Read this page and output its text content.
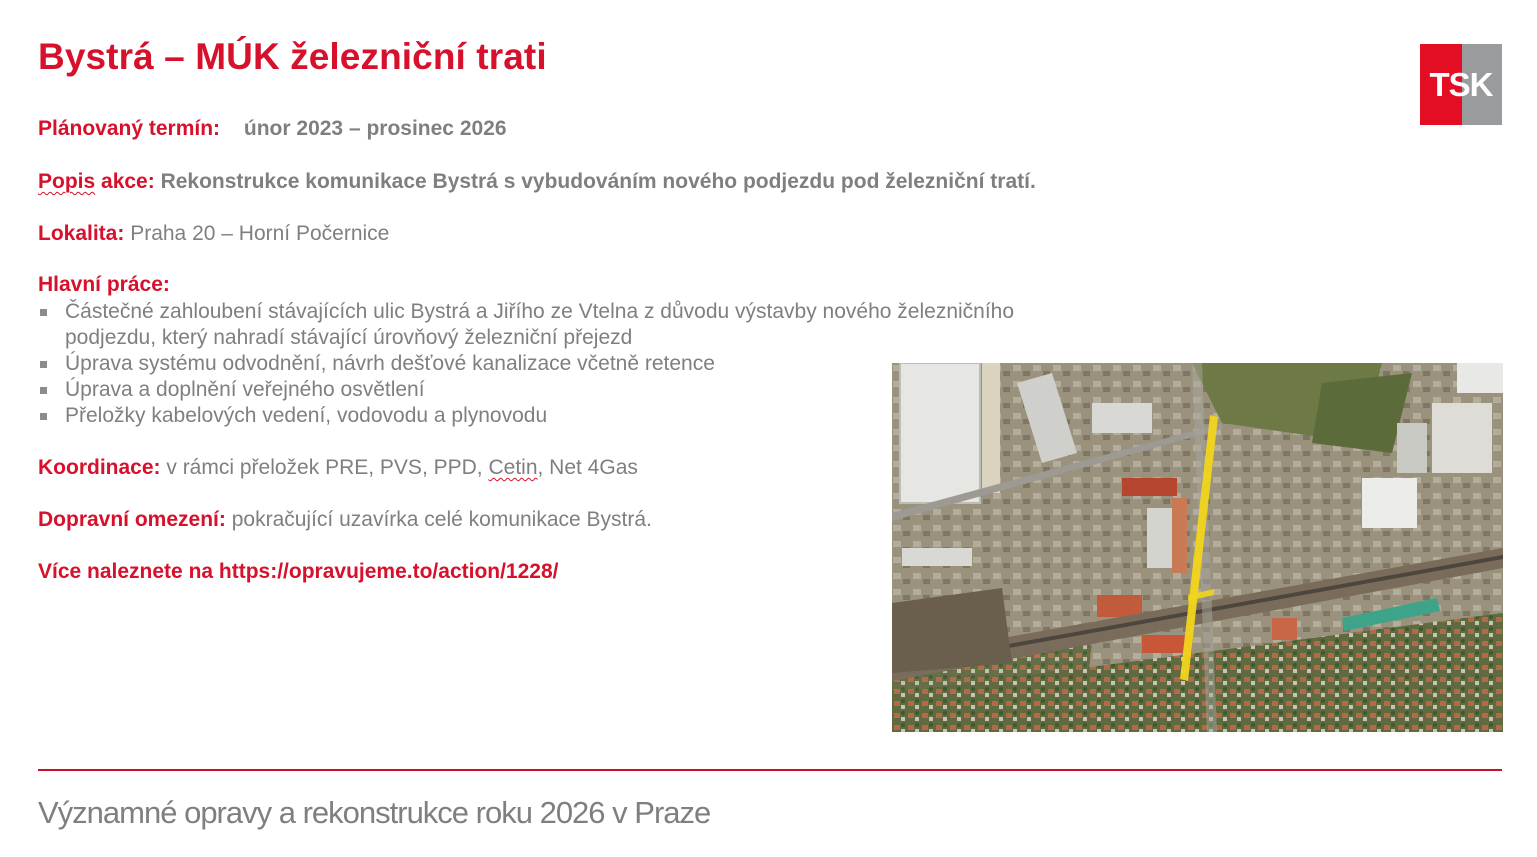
Bystrá – MÚK železniční trati
TSK
Plánovaný termín: únor 2023 – prosinec 2026
Popis akce: Rekonstrukce komunikace Bystrá s vybudováním nového podjezdu pod železniční tratí.
Lokalita: Praha 20 – Horní Počernice
Hlavní práce:
Částečné zahloubení stávajících ulic Bystrá a Jiřího ze Vtelna z důvodu výstavby nového železničního
podjezdu, který nahradí stávající úrovňový železniční přejezd
Úprava systému odvodnění, návrh dešťové kanalizace včetně retence
Úprava a doplnění veřejného osvětlení
Přeložky kabelových vedení, vodovodu a plynovodu
Koordinace: v rámci přeložek PRE, PVS, PPD, Cetin, Net 4Gas
Dopravní omezení: pokračující uzavírka celé komunikace Bystrá.
Více naleznete na https://opravujeme.to/action/1228/
Významné opravy a rekonstrukce roku 2026 v Praze
